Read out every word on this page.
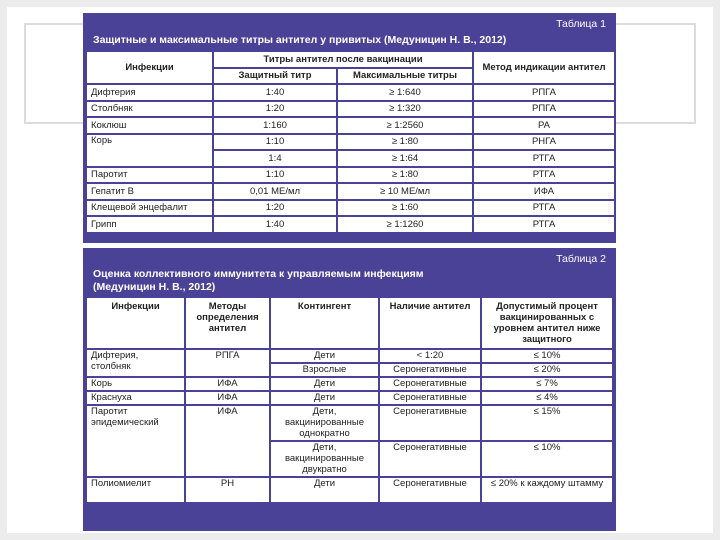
Таблица 1
Защитные и максимальные титры антител у привитых (Медуницин Н. В., 2012)
Инфекции	Титры антител после вакцинации		Метод индикации антител
	Защитный титр	Максимальные титры	
Дифтерия	1:40	≥ 1:640	РПГА
Столбняк	1:20	≥ 1:320	РПГА
Коклюш	1:160	≥ 1:2560	РА
Корь	1:10	≥ 1:80	РНГА
	1:4	≥ 1:64	РТГА
Паротит	1:10	≥ 1:80	РТГА
Гепатит В	0,01 МЕ/мл	≥ 10 МЕ/мл	ИФА
Клещевой энцефалит	1:20	≥ 1:60	РТГА
Грипп	1:40	≥ 1:1260	РТГА
Таблица 2
Оценка коллективного иммунитета к управляемым инфекциям
(Медуницин Н. В., 2012)
Инфекции	Методы определения антител	Контингент	Наличие антител	Допустимый процент вакцинированных с уровнем антител ниже защитного
Дифтерия, столбняк	РПГА	Дети	< 1:20	≤ 10%
		Взрослые	Серонегативные	≤ 20%
Корь	ИФА	Дети	Серонегативные	≤ 7%
Краснуха	ИФА	Дети	Серонегативные	≤ 4%
Паротит эпидемический	ИФА	Дети, вакцинированные однократно	Серонегативные	≤ 15%
		Дети, вакцинированные двукратно	Серонегативные	≤ 10%
Полиомиелит	РН	Дети	Серонегативные	≤ 20% к каждому штамму
